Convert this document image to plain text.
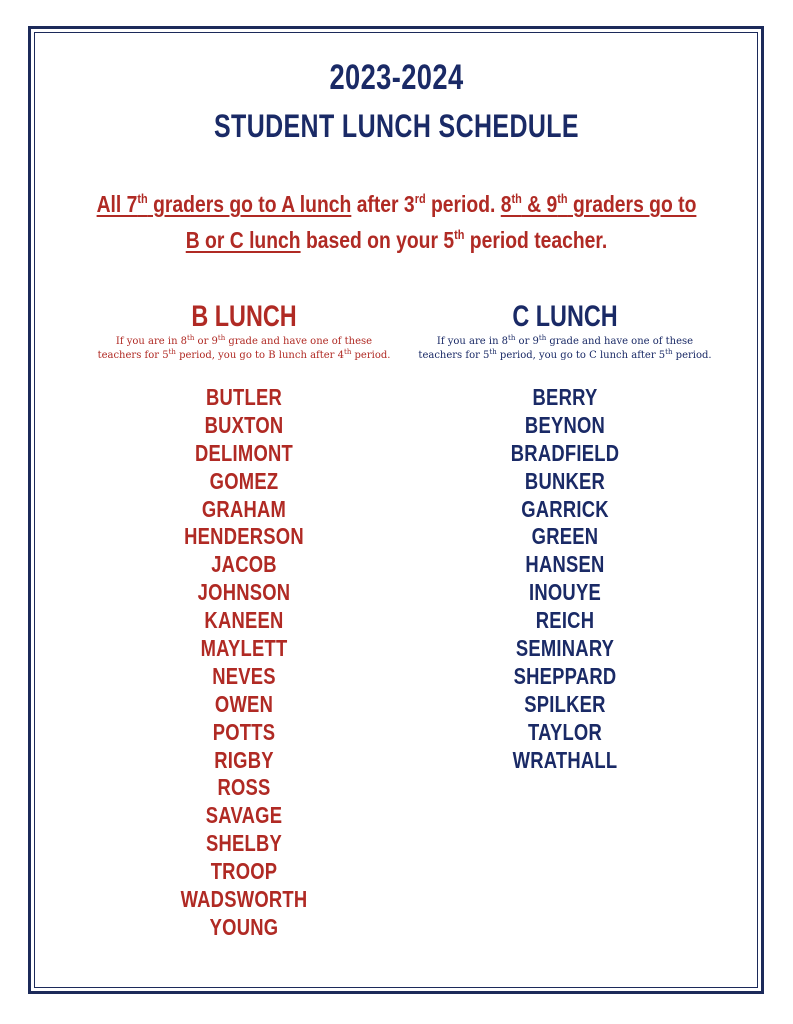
2023-2024
STUDENT LUNCH SCHEDULE
All 7th graders go to A lunch after 3rd period. 8th & 9th graders go to
B or C lunch based on your 5th period teacher.
B LUNCH
If you are in 8th or 9th grade and have one of these
teachers for 5th period, you go to B lunch after 4th period.
BUTLER
BUXTON
DELIMONT
GOMEZ
GRAHAM
HENDERSON
JACOB
JOHNSON
KANEEN
MAYLETT
NEVES
OWEN
POTTS
RIGBY
ROSS
SAVAGE
SHELBY
TROOP
WADSWORTH
YOUNG
C LUNCH
If you are in 8th or 9th grade and have one of these
teachers for 5th period, you go to C lunch after 5th period.
BERRY
BEYNON
BRADFIELD
BUNKER
GARRICK
GREEN
HANSEN
INOUYE
REICH
SEMINARY
SHEPPARD
SPILKER
TAYLOR
WRATHALL
